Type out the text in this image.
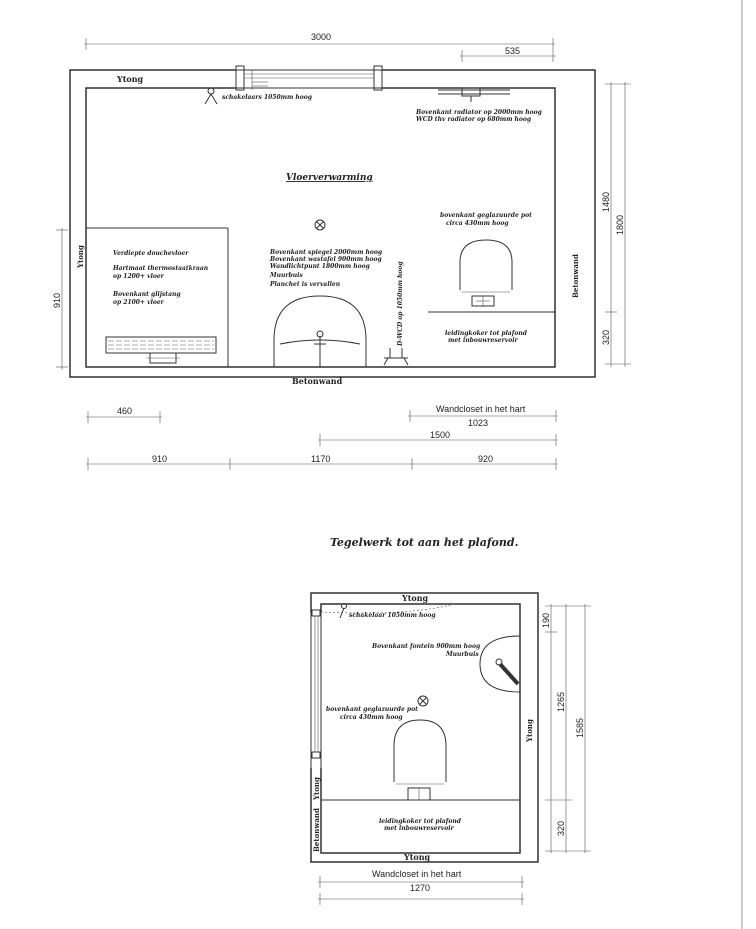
3000
535
Ytong
Ytong	Betonwand
Betonwand
schakelaars 1050mm hoog
Bovenkant radiator op 2000mm hoog
WCD thv radiator op 680mm hoog
Vloerverwarming
bovenkant geglazuurde pot
circa 430mm hoog
leidingkoker tot plafond
met inbouwreservoir
Verdiepte douchevloer
Hartmaat thermostaatkraan
op 1200+ vloer
Bovenkant glijstang
op 2100+ vloer
Bovenkant spiegel 2000mm hoog
Bovenkant wastafel 900mm hoog
Wandlichtpunt 1800mm hoog
Muurbuis
Planchet is vervallen	D-WCD op 1050mm hoog
910
1480
1800
320
460	Wandcloset in het hart
1023
1500
910	1170	920
Tegelwerk tot aan het plafond.
Ytong
Ytong
Ytong
Ytong
Betonwand
schakelaar 1050mm hoog
Bovenkant fontein 900mm hoog
Muurbuis
bovenkant geglazuurde pot
circa 430mm hoog
leidingkoker tot plafond
met inbouwreservoir
190
1265
1585
320
Wandcloset in het hart
1270
